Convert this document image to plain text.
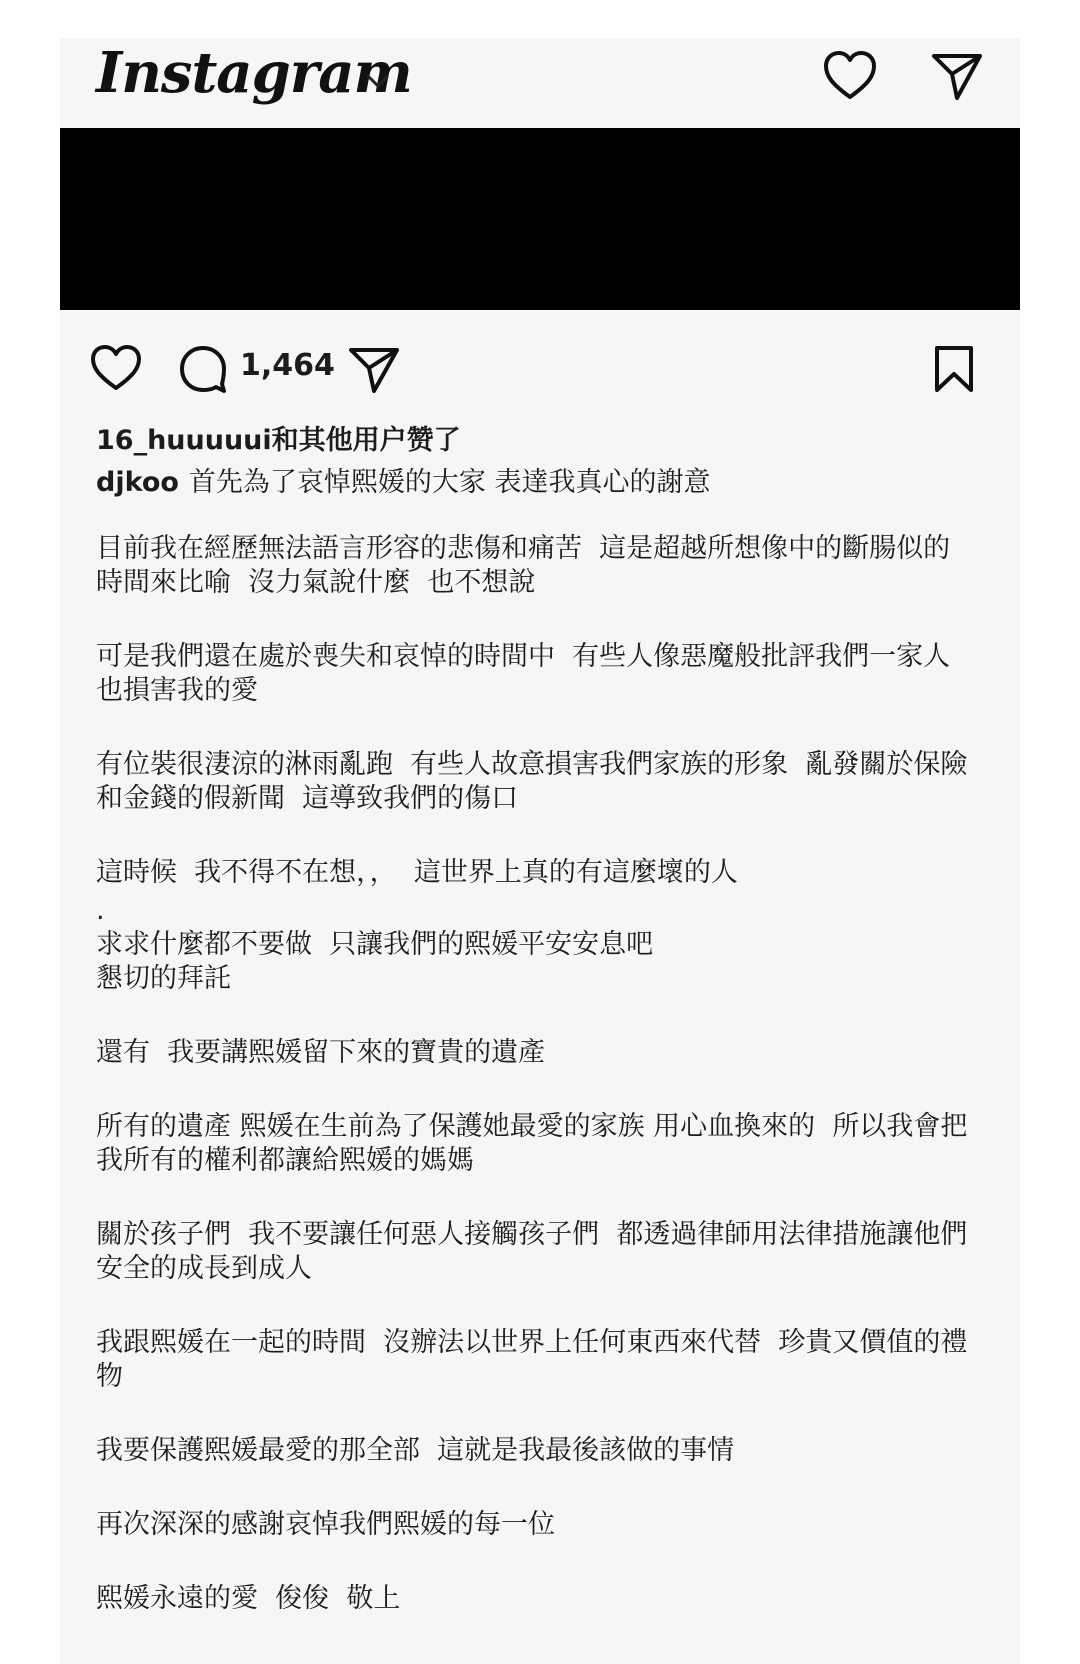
Instagram
1,464
16_huuuuui和其他用户赞了
djkoo 首先為了哀悼熙媛的大家 表達我真心的謝意

目前我在經歷無法語言形容的悲傷和痛苦  這是超越所想像中的斷腸似的時間來比喻  沒力氣說什麼  也不想說

可是我們還在處於喪失和哀悼的時間中  有些人像惡魔般批評我們一家人  也損害我的愛

有位裝很淒涼的淋雨亂跑  有些人故意損害我們家族的形象  亂發關於保險和金錢的假新聞  這導致我們的傷口

這時候  我不得不在想，，  這世界上真的有這麼壞的人

.

求求什麼都不要做  只讓我們的熙媛平安安息吧
懇切的拜託

還有  我要講熙媛留下來的寶貴的遺產

所有的遺產 熙媛在生前為了保護她最愛的家族 用心血換來的  所以我會把我所有的權利都讓給熙媛的媽媽

關於孩子們  我不要讓任何惡人接觸孩子們  都透過律師用法律措施讓他們安全的成長到成人

我跟熙媛在一起的時間  沒辦法以世界上任何東西來代替  珍貴又價值的禮物

我要保護熙媛最愛的那全部  這就是我最後該做的事情

再次深深的感謝哀悼我們熙媛的每一位

熙媛永遠的愛  俊俊  敬上
